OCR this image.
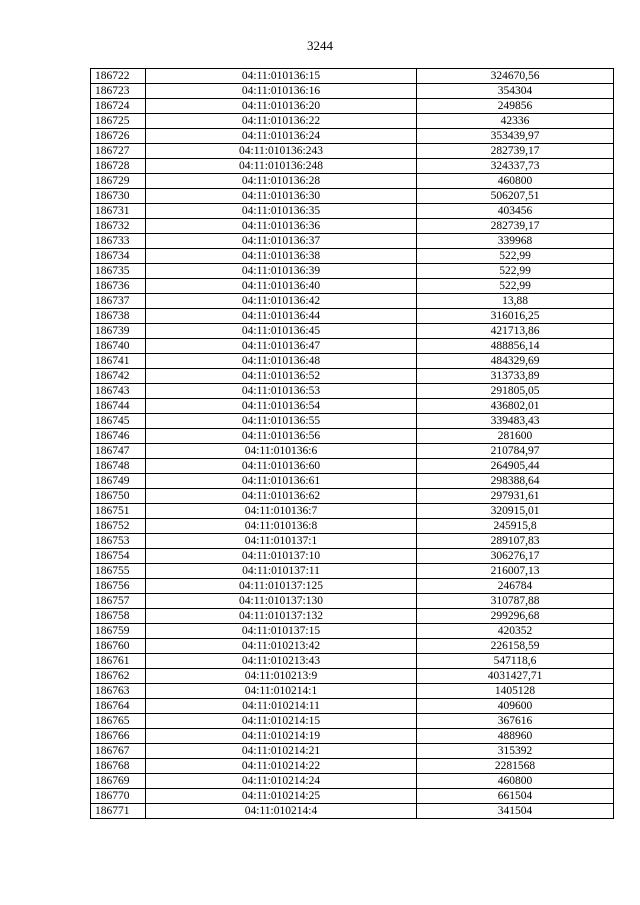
3244
186722	04:11:010136:15	324670,56
186723	04:11:010136:16	354304
186724	04:11:010136:20	249856
186725	04:11:010136:22	42336
186726	04:11:010136:24	353439,97
186727	04:11:010136:243	282739,17
186728	04:11:010136:248	324337,73
186729	04:11:010136:28	460800
186730	04:11:010136:30	506207,51
186731	04:11:010136:35	403456
186732	04:11:010136:36	282739,17
186733	04:11:010136:37	339968
186734	04:11:010136:38	522,99
186735	04:11:010136:39	522,99
186736	04:11:010136:40	522,99
186737	04:11:010136:42	13,88
186738	04:11:010136:44	316016,25
186739	04:11:010136:45	421713,86
186740	04:11:010136:47	488856,14
186741	04:11:010136:48	484329,69
186742	04:11:010136:52	313733,89
186743	04:11:010136:53	291805,05
186744	04:11:010136:54	436802,01
186745	04:11:010136:55	339483,43
186746	04:11:010136:56	281600
186747	04:11:010136:6	210784,97
186748	04:11:010136:60	264905,44
186749	04:11:010136:61	298388,64
186750	04:11:010136:62	297931,61
186751	04:11:010136:7	320915,01
186752	04:11:010136:8	245915,8
186753	04:11:010137:1	289107,83
186754	04:11:010137:10	306276,17
186755	04:11:010137:11	216007,13
186756	04:11:010137:125	246784
186757	04:11:010137:130	310787,88
186758	04:11:010137:132	299296,68
186759	04:11:010137:15	420352
186760	04:11:010213:42	226158,59
186761	04:11:010213:43	547118,6
186762	04:11:010213:9	4031427,71
186763	04:11:010214:1	1405128
186764	04:11:010214:11	409600
186765	04:11:010214:15	367616
186766	04:11:010214:19	488960
186767	04:11:010214:21	315392
186768	04:11:010214:22	2281568
186769	04:11:010214:24	460800
186770	04:11:010214:25	661504
186771	04:11:010214:4	341504
